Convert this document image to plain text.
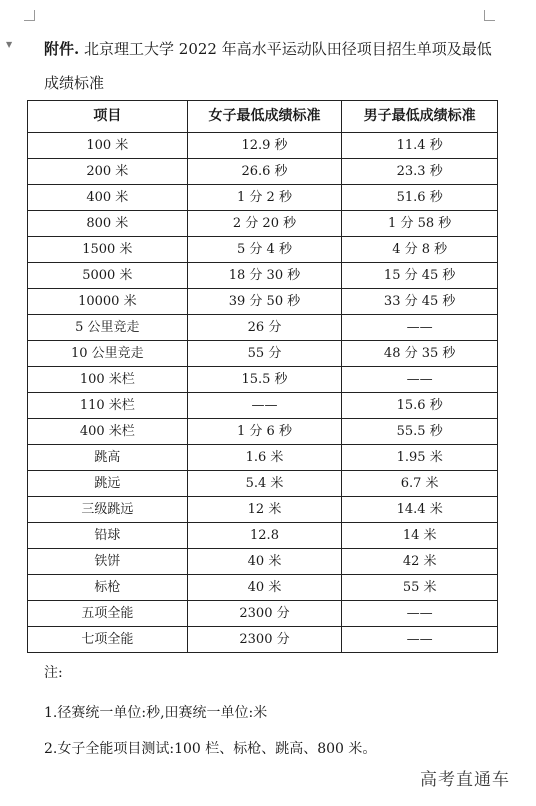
▼ 附件. 北京理工大学 2022 年高水平运动队田径项目招生单项及最低成绩标准

项目	女子最低成绩标准	男子最低成绩标准
100 米	12.9 秒	11.4 秒
200 米	26.6 秒	23.3 秒
400 米	1 分 2 秒	51.6 秒
800 米	2 分 20 秒	1 分 58 秒
1500 米	5 分 4 秒	4 分 8 秒
5000 米	18 分 30 秒	15 分 45 秒
10000 米	39 分 50 秒	33 分 45 秒
5 公里竞走	26 分	——
10 公里竞走	55 分	48 分 35 秒
100 米栏	15.5 秒	——
110 米栏	——	15.6 秒
400 米栏	1 分 6 秒	55.5 秒
跳高	1.6 米	1.95 米
跳远	5.4 米	6.7 米
三级跳远	12 米	14.4 米
铅球	12.8	14 米
铁饼	40 米	42 米
标枪	40 米	55 米
五项全能	2300 分	——
七项全能	2300 分	——

注:

1.径赛统一单位:秒,田赛统一单位:米

2.女子全能项目测试:100 栏、标枪、跳高、800 米。

高考直通车
